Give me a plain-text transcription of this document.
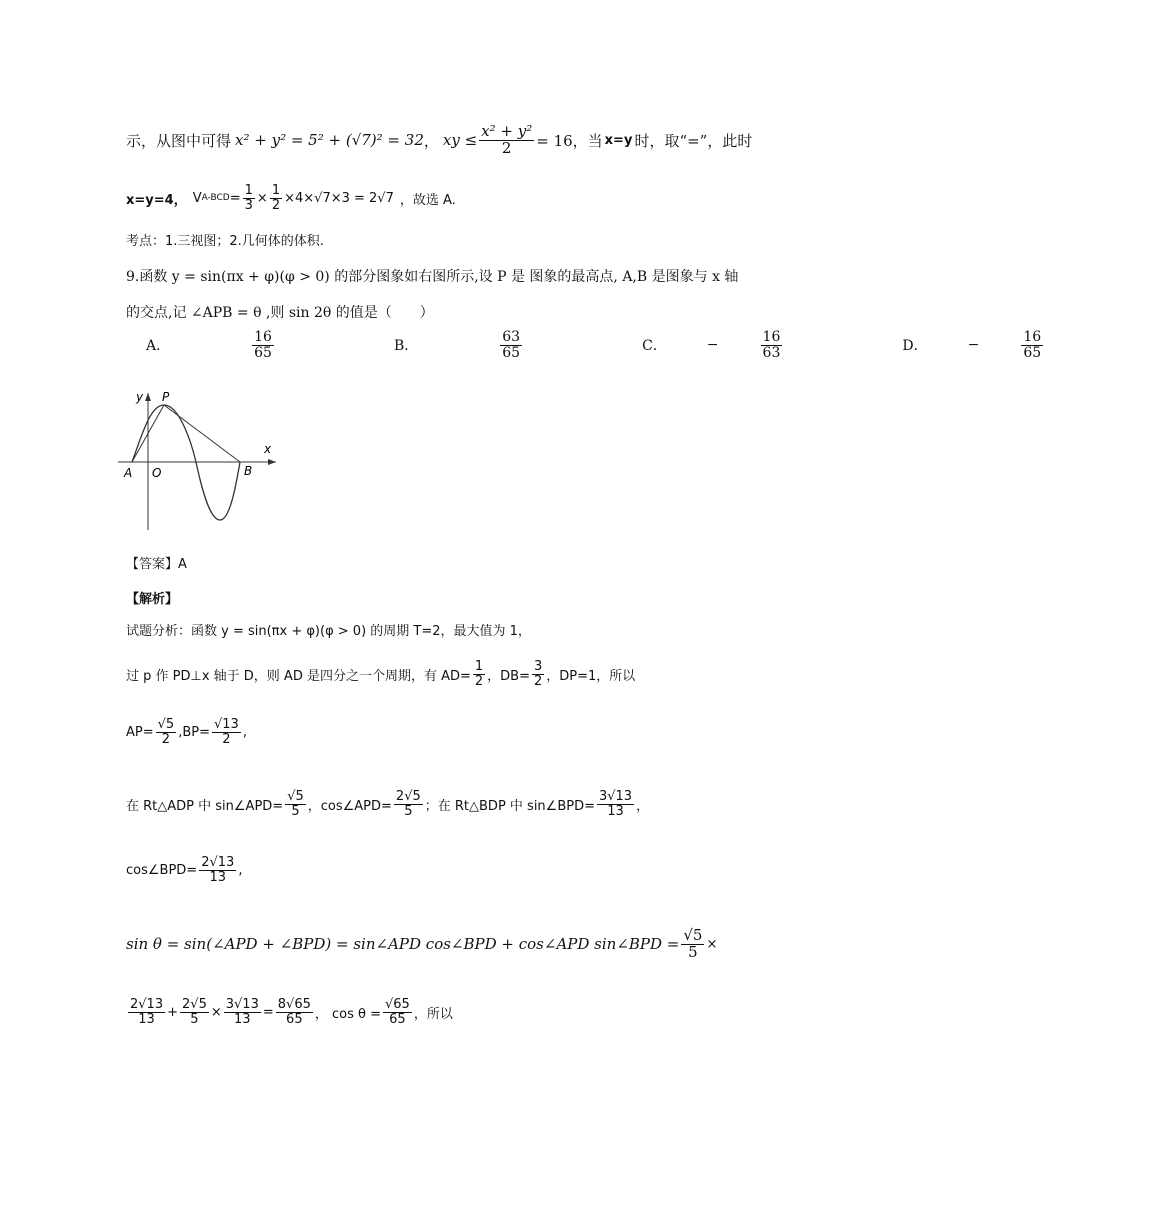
示，从图中可得 x² + y² = 5² + (√7)² = 32 ， xy ≤ $\frac{\text{x² + y²}}{2} = 16$，当 x=y 时，取“=”，此时
x=y=4， V $A-BCD = \frac{1}{3} \times \frac{1}{2} \times 4\times√7\times 3 = 2√7$ ，故选 A.
考点：1.三视图；2.几何体的体积.
9.函数 y = sin(πx + φ)(φ > 0) 的部分图象如右图所示,设 P 是 图象的最高点, A,B 是图象与 x 轴
的交点,记 ∠APB = θ ,则 sin 2θ 的值是（　　）
A．	$\frac{16}{65}$	B．	$\frac{63}{65}$	C．	−	$\frac{16}{63}$	D．	−	$\frac{16}{65}$
y
x
P
A O	B
【答案】A
【解析】
试题分析：函数 y = sin(πx + φ)(φ > 0) 的周期 T=2，最大值为 1，
过 p 作 PD⊥x 轴于 D，则 AD 是四分之一个周期，有 $AD= \frac{1}{2}$ ，$DB= \frac{3}{2}$ ，DP=1，所以
$AP= \frac{√5}{2} ,BP= \frac{√13}{2}$ ,
在 Rt△ADP 中 sin∠APD= $\frac{√5}{5}$ ，cos∠APD= $\frac{2√5}{5}$ ；在 Rt△BDP 中 sin∠BPD= $\frac{3√13}{13}$ ，
cos∠BPD= $\frac{2√13}{13}$ ,
sin θ = sin(∠APD + ∠BPD) = sin∠APD cos∠BPD + cos∠APD sin∠BPD = $\frac{√5}{5}$ ×
$\frac{2√13}{13} + \frac{2√5}{5} \times \frac{3√13}{13} = \frac{8√65}{65}$ ， $\cos \theta = \frac{√65}{65}$ ，所以
